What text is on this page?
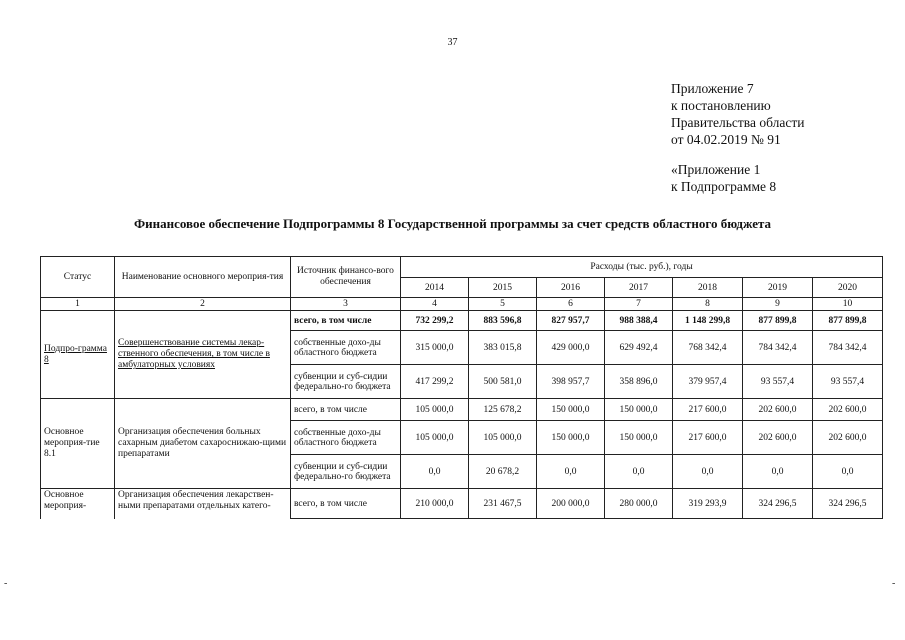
37
Приложение 7
к постановлению
Правительства области
от 04.02.2019 № 91
«Приложение 1
к Подпрограмме 8
Финансовое обеспечение Подпрограммы 8 Государственной программы за счет средств областного бюджета
Статус	Наименование основного мероприя-тия	Источник финансо-вого обеспечения	Расходы (тыс. руб.), годы						
			2014	2015	2016	2017	2018	2019	2020
1	2	3	4	5	6	7	8	9	10
Подпро-грамма 8	Совершенствование системы лекар-ственного обеспечения, в том числе в амбулаторных условиях	всего, в том числе	732 299,2	883 596,8	827 957,7	988 388,4	1 148 299,8	877 899,8	877 899,8
		собственные дохо-ды областного бюджета	315 000,0	383 015,8	429 000,0	629 492,4	768 342,4	784 342,4	784 342,4
		субвенции и суб-сидии федерально-го бюджета	417 299,2	500 581,0	398 957,7	358 896,0	379 957,4	93 557,4	93 557,4
Основное мероприя-тие 8.1	Организация обеспечения больных сахарным диабетом сахароснижаю-щими препаратами	всего, в том числе	105 000,0	125 678,2	150 000,0	150 000,0	217 600,0	202 600,0	202 600,0
		собственные дохо-ды областного бюджета	105 000,0	105 000,0	150 000,0	150 000,0	217 600,0	202 600,0	202 600,0
		субвенции и суб-сидии федерально-го бюджета	0,0	20 678,2	0,0	0,0	0,0	0,0	0,0
Основное мероприя-	Организация обеспечения лекарствен-ными препаратами отдельных катего-	всего, в том числе	210 000,0	231 467,5	200 000,0	280 000,0	319 293,9	324 296,5	324 296,5
-	-
